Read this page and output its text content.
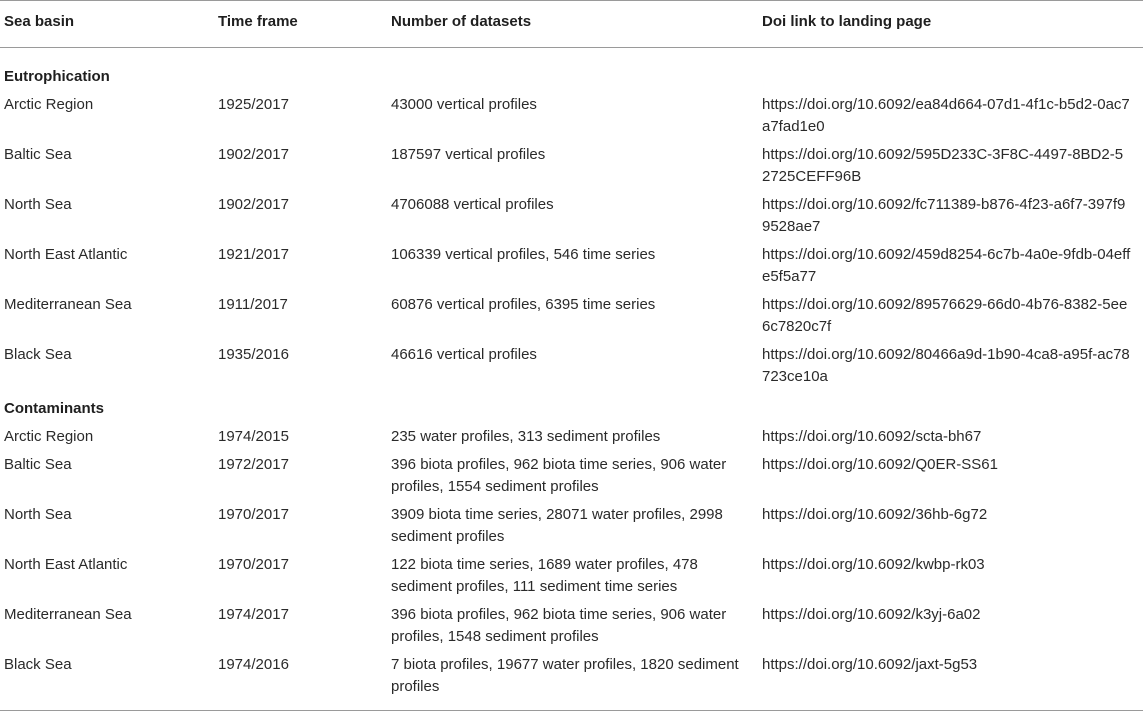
Sea basin	Time frame	Number of datasets	Doi link to landing page
Eutrophication			
Arctic Region	1925/2017	43000 vertical profiles	https://doi.org/10.6092/ea84d664-07d1-4f1c-b5d2-0ac7a7fad1e0
Baltic Sea	1902/2017	187597 vertical profiles	https://doi.org/10.6092/595D233C-3F8C-4497-8BD2-52725CEFF96B
North Sea	1902/2017	4706088 vertical profiles	https://doi.org/10.6092/fc711389-b876-4f23-a6f7-397f99528ae7
North East Atlantic	1921/2017	106339 vertical profiles, 546 time series	https://doi.org/10.6092/459d8254-6c7b-4a0e-9fdb-04effe5f5a77
Mediterranean Sea	1911/2017	60876 vertical profiles, 6395 time series	https://doi.org/10.6092/89576629-66d0-4b76-8382-5ee6c7820c7f
Black Sea	1935/2016	46616 vertical profiles	https://doi.org/10.6092/80466a9d-1b90-4ca8-a95f-ac78723ce10a
Contaminants			
Arctic Region	1974/2015	235 water profiles, 313 sediment profiles	https://doi.org/10.6092/scta-bh67
Baltic Sea	1972/2017	396 biota profiles, 962 biota time series, 906 water profiles, 1554 sediment profiles	https://doi.org/10.6092/Q0ER-SS61
North Sea	1970/2017	3909 biota time series, 28071 water profiles, 2998 sediment profiles	https://doi.org/10.6092/36hb-6g72
North East Atlantic	1970/2017	122 biota time series, 1689 water profiles, 478 sediment profiles, 111 sediment time series	https://doi.org/10.6092/kwbp-rk03
Mediterranean Sea	1974/2017	396 biota profiles, 962 biota time series, 906 water profiles, 1548 sediment profiles	https://doi.org/10.6092/k3yj-6a02
Black Sea	1974/2016	7 biota profiles, 19677 water profiles, 1820 sediment profiles	https://doi.org/10.6092/jaxt-5g53
